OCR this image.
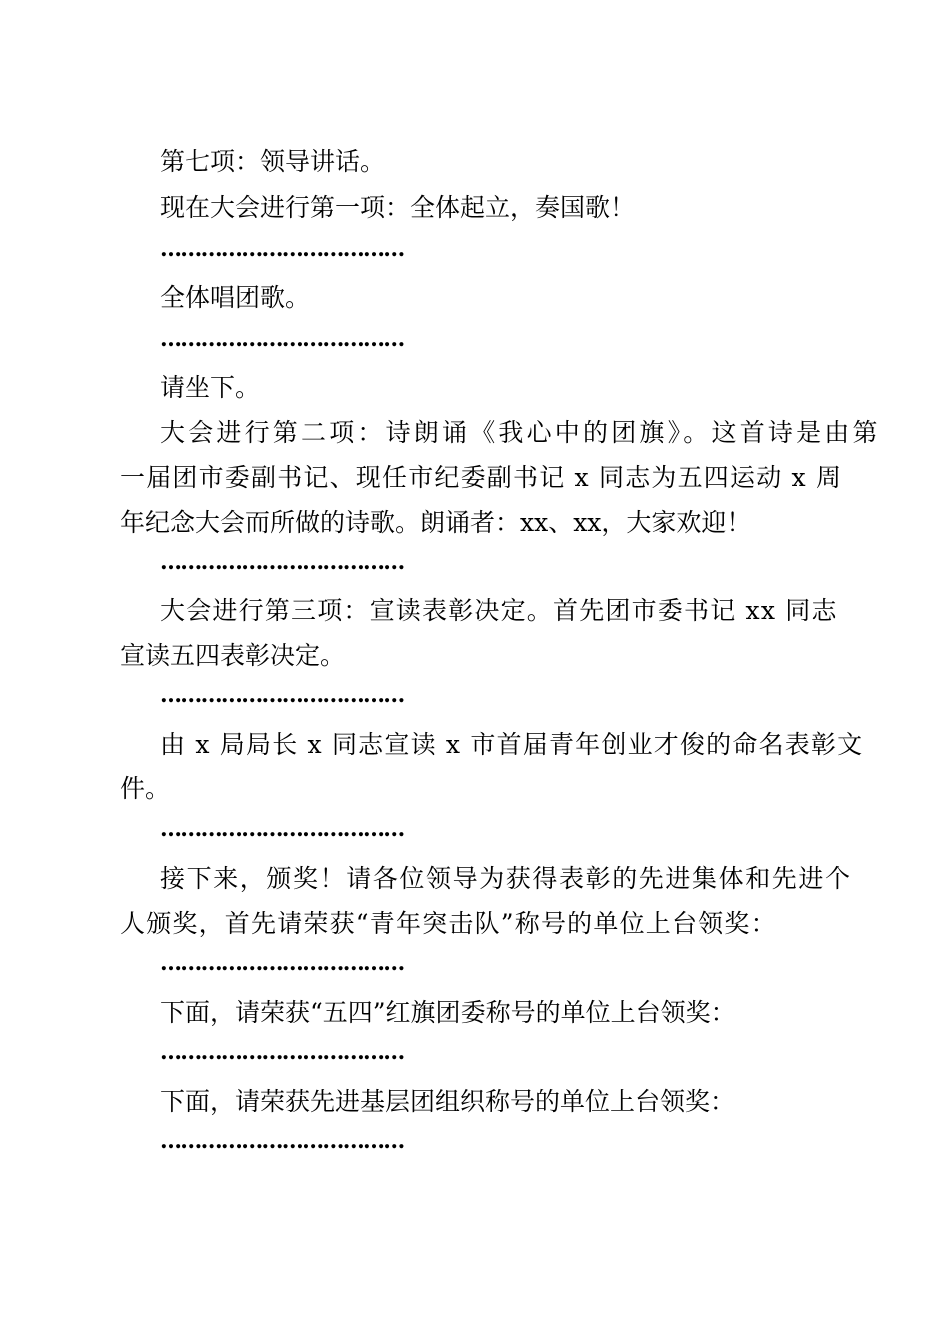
第七项：领导讲话。
现在大会进行第一项：全体起立，奏国歌！
………………………………
全体唱团歌。
………………………………
请坐下。
大会进行第二项：诗朗诵《我心中的团旗》。这首诗是由第
一届团市委副书记、现任市纪委副书记 x 同志为五四运动 x 周
年纪念大会而所做的诗歌。朗诵者：xx、xx，大家欢迎！
………………………………
大会进行第三项：宣读表彰决定。首先团市委书记 xx 同志
宣读五四表彰决定。
………………………………
由 x 局局长 x 同志宣读 x 市首届青年创业才俊的命名表彰文
件。
………………………………
接下来，颁奖！请各位领导为获得表彰的先进集体和先进个
人颁奖，首先请荣获“青年突击队”称号的单位上台领奖：
………………………………
下面，请荣获“五四”红旗团委称号的单位上台领奖：
………………………………
下面，请荣获先进基层团组织称号的单位上台领奖：
………………………………
